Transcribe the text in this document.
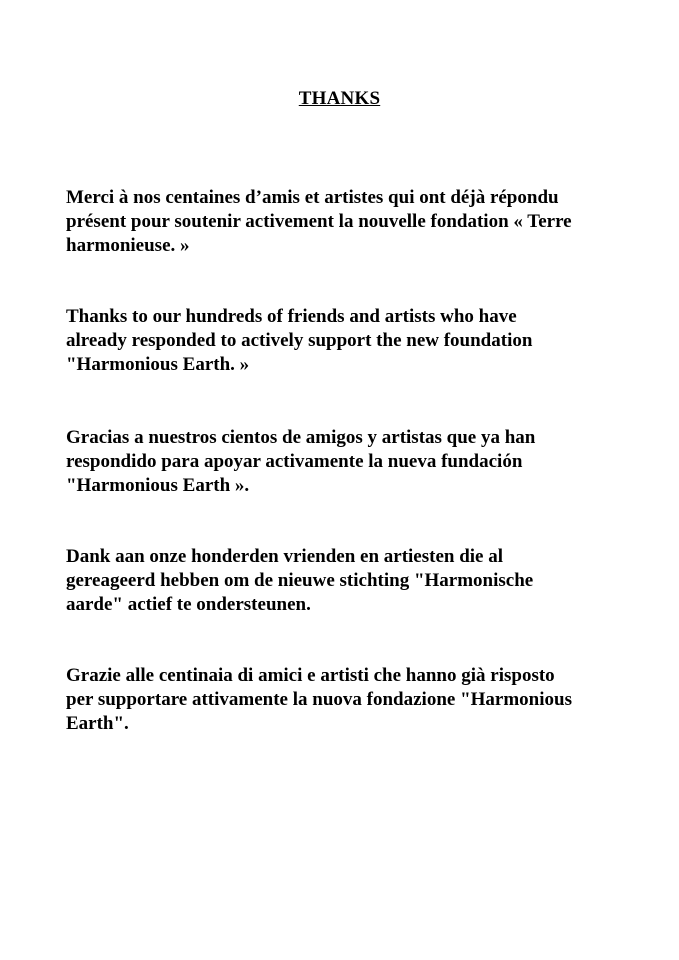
THANKS

Merci à nos centaines d’amis et artistes qui ont déjà répondu
présent pour soutenir activement la nouvelle fondation « Terre
harmonieuse. »

Thanks to our hundreds of friends and artists who have
already responded to actively support the new foundation
"Harmonious Earth. »

Gracias a nuestros cientos de amigos y artistas que ya han
respondido para apoyar activamente la nueva fundación
"Harmonious Earth ».

Dank aan onze honderden vrienden en artiesten die al
gereageerd hebben om de nieuwe stichting "Harmonische
aarde" actief te ondersteunen.

Grazie alle centinaia di amici e artisti che hanno già risposto
per supportare attivamente la nuova fondazione "Harmonious
Earth".
